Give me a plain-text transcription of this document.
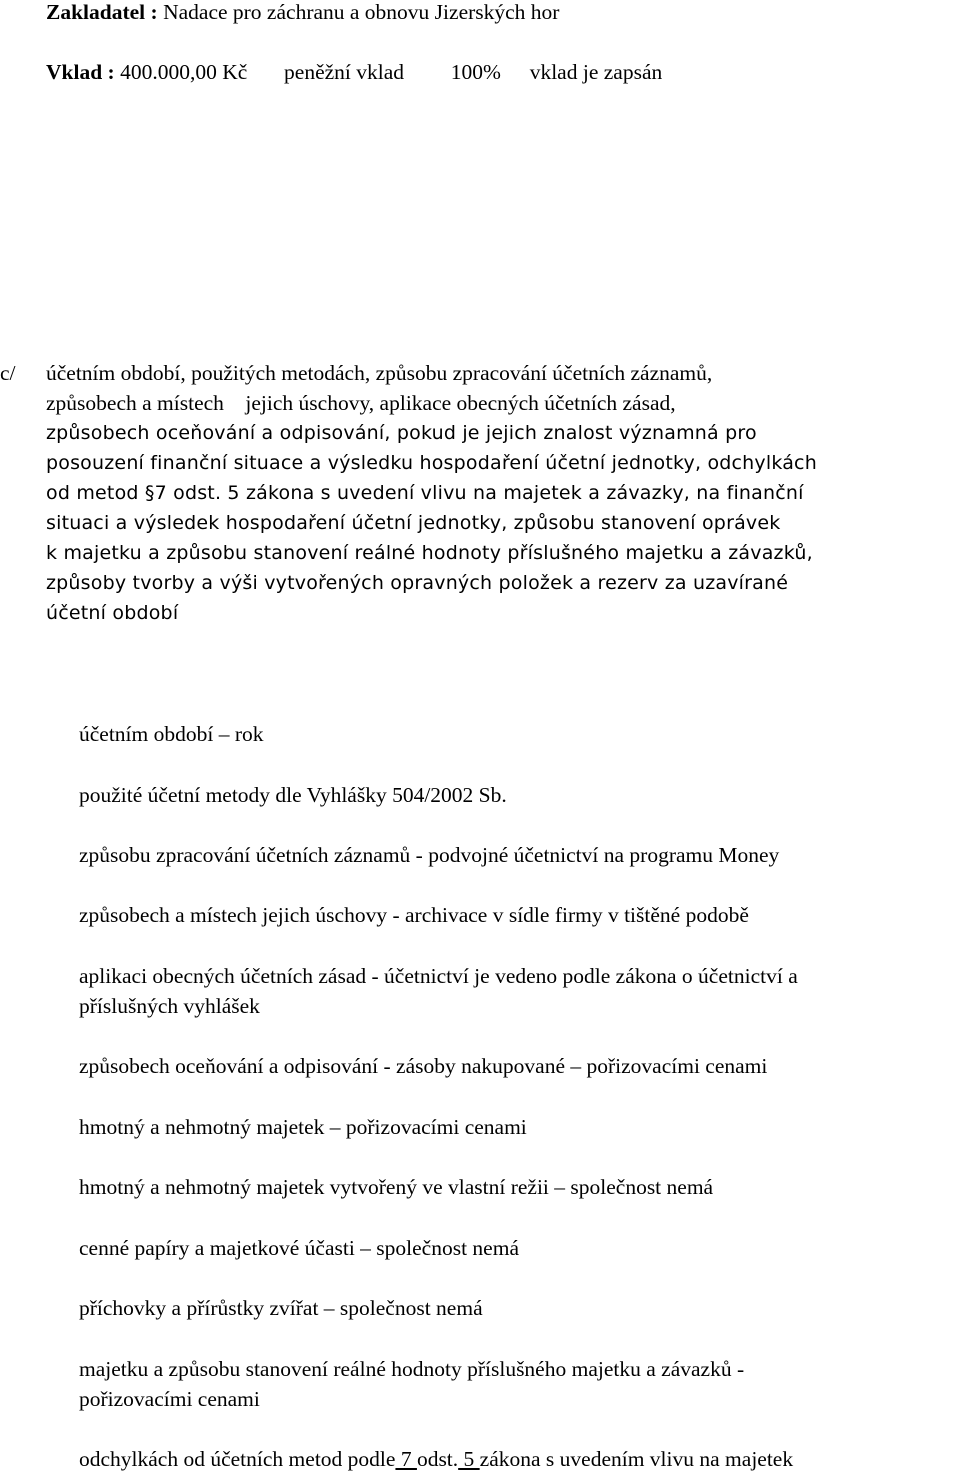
Zakladatel : Nadace pro záchranu a obnovu Jizerských hor
Vklad : 400.000,00 Kč peněžní vklad 100% vklad je zapsán
c/ účetním období, použitých metodách, způsobu zpracování účetních záznamů,
způsobech a místech    jejich úschovy, aplikace obecných účetních zásad,
způsobech oceňování a odpisování, pokud je jejich znalost významná pro
posouzení finanční situace a výsledku hospodaření účetní jednotky, odchylkách
od metod §7 odst. 5 zákona s uvedení vlivu na majetek a závazky, na finanční
situaci a výsledek hospodaření účetní jednotky, způsobu stanovení oprávek
k majetku a způsobu stanovení reálné hodnoty příslušného majetku a závazků,
způsoby tvorby a výši vytvořených opravných položek a rezerv za uzavírané
účetní období
účetním období – rok
použité účetní metody dle Vyhlášky 504/2002 Sb.
způsobu zpracování účetních záznamů - podvojné účetnictví na programu Money
způsobech a místech jejich úschovy - archivace v sídle firmy v tištěné podobě
aplikaci obecných účetních zásad - účetnictví je vedeno podle zákona o účetnictví a
příslušných vyhlášek
způsobech oceňování a odpisování - zásoby nakupované – pořizovacími cenami
hmotný a nehmotný majetek – pořizovacími cenami
hmotný a nehmotný majetek vytvořený ve vlastní režii – společnost nemá
cenné papíry a majetkové účasti – společnost nemá
příchovky a přírůstky zvířat – společnost nemá
majetku a způsobu stanovení reálné hodnoty příslušného majetku a závazků -
pořizovacími cenami
odchylkách od účetních metod podle 7 odst. 5 zákona s uvedením vlivu na majetek
